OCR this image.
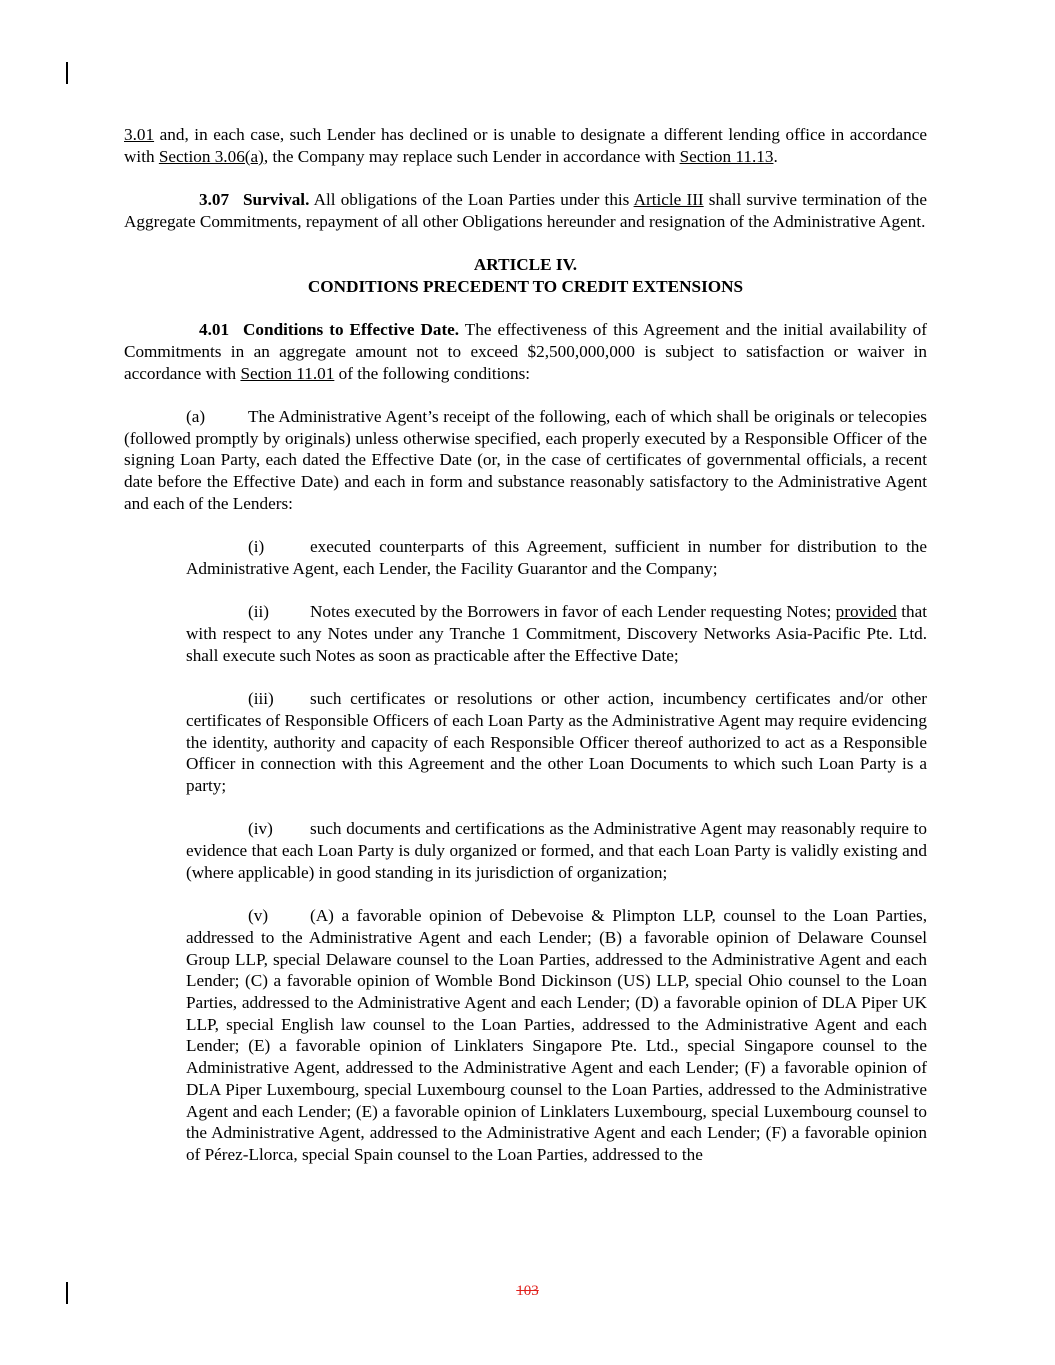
3.01 and, in each case, such Lender has declined or is unable to designate a different lending office in accordance with Section 3.06(a), the Company may replace such Lender in accordance with Section 11.13.

3.07 Survival. All obligations of the Loan Parties under this Article III shall survive termination of the Aggregate Commitments, repayment of all other Obligations hereunder and resignation of the Administrative Agent.

ARTICLE IV.
CONDITIONS PRECEDENT TO CREDIT EXTENSIONS

4.01 Conditions to Effective Date. The effectiveness of this Agreement and the initial availability of Commitments in an aggregate amount not to exceed $2,500,000,000 is subject to satisfaction or waiver in accordance with Section 11.01 of the following conditions:

(a) The Administrative Agent’s receipt of the following, each of which shall be originals or telecopies (followed promptly by originals) unless otherwise specified, each properly executed by a Responsible Officer of the signing Loan Party, each dated the Effective Date (or, in the case of certificates of governmental officials, a recent date before the Effective Date) and each in form and substance reasonably satisfactory to the Administrative Agent and each of the Lenders:

(i)	executed counterparts of this Agreement, sufficient in number for distribution to the Administrative Agent, each Lender, the Facility Guarantor and the Company;

(ii) Notes executed by the Borrowers in favor of each Lender requesting Notes; provided that with respect to any Notes under any Tranche 1 Commitment, Discovery Networks Asia-Pacific Pte. Ltd. shall execute such Notes as soon as practicable after the Effective Date;

(iii) such certificates or resolutions or other action, incumbency certificates and/or other certificates of Responsible Officers of each Loan Party as the Administrative Agent may require evidencing the identity, authority and capacity of each Responsible Officer thereof authorized to act as a Responsible Officer in connection with this Agreement and the other Loan Documents to which such Loan Party is a party;

(iv) such documents and certifications as the Administrative Agent may reasonably require to evidence that each Loan Party is duly organized or formed, and that each Loan Party is validly existing and (where applicable) in good standing in its jurisdiction of organization;

(v) (A) a favorable opinion of Debevoise & Plimpton LLP, counsel to the Loan Parties, addressed to the Administrative Agent and each Lender; (B) a favorable opinion of Delaware Counsel Group LLP, special Delaware counsel to the Loan Parties, addressed to the Administrative Agent and each Lender; (C) a favorable opinion of Womble Bond Dickinson (US) LLP, special Ohio counsel to the Loan Parties, addressed to the Administrative Agent and each Lender; (D) a favorable opinion of DLA Piper UK LLP, special English law counsel to the Loan Parties, addressed to the Administrative Agent and each Lender; (E) a favorable opinion of Linklaters Singapore Pte. Ltd., special Singapore counsel to the Administrative Agent, addressed to the Administrative Agent and each Lender; (F) a favorable opinion of DLA Piper Luxembourg, special Luxembourg counsel to the Loan Parties, addressed to the Administrative Agent and each Lender; (E) a favorable opinion of Linklaters Luxembourg, special Luxembourg counsel to the Administrative Agent, addressed to the Administrative Agent and each Lender; (F) a favorable opinion of Pérez-Llorca, special Spain counsel to the Loan Parties, addressed to the

103
